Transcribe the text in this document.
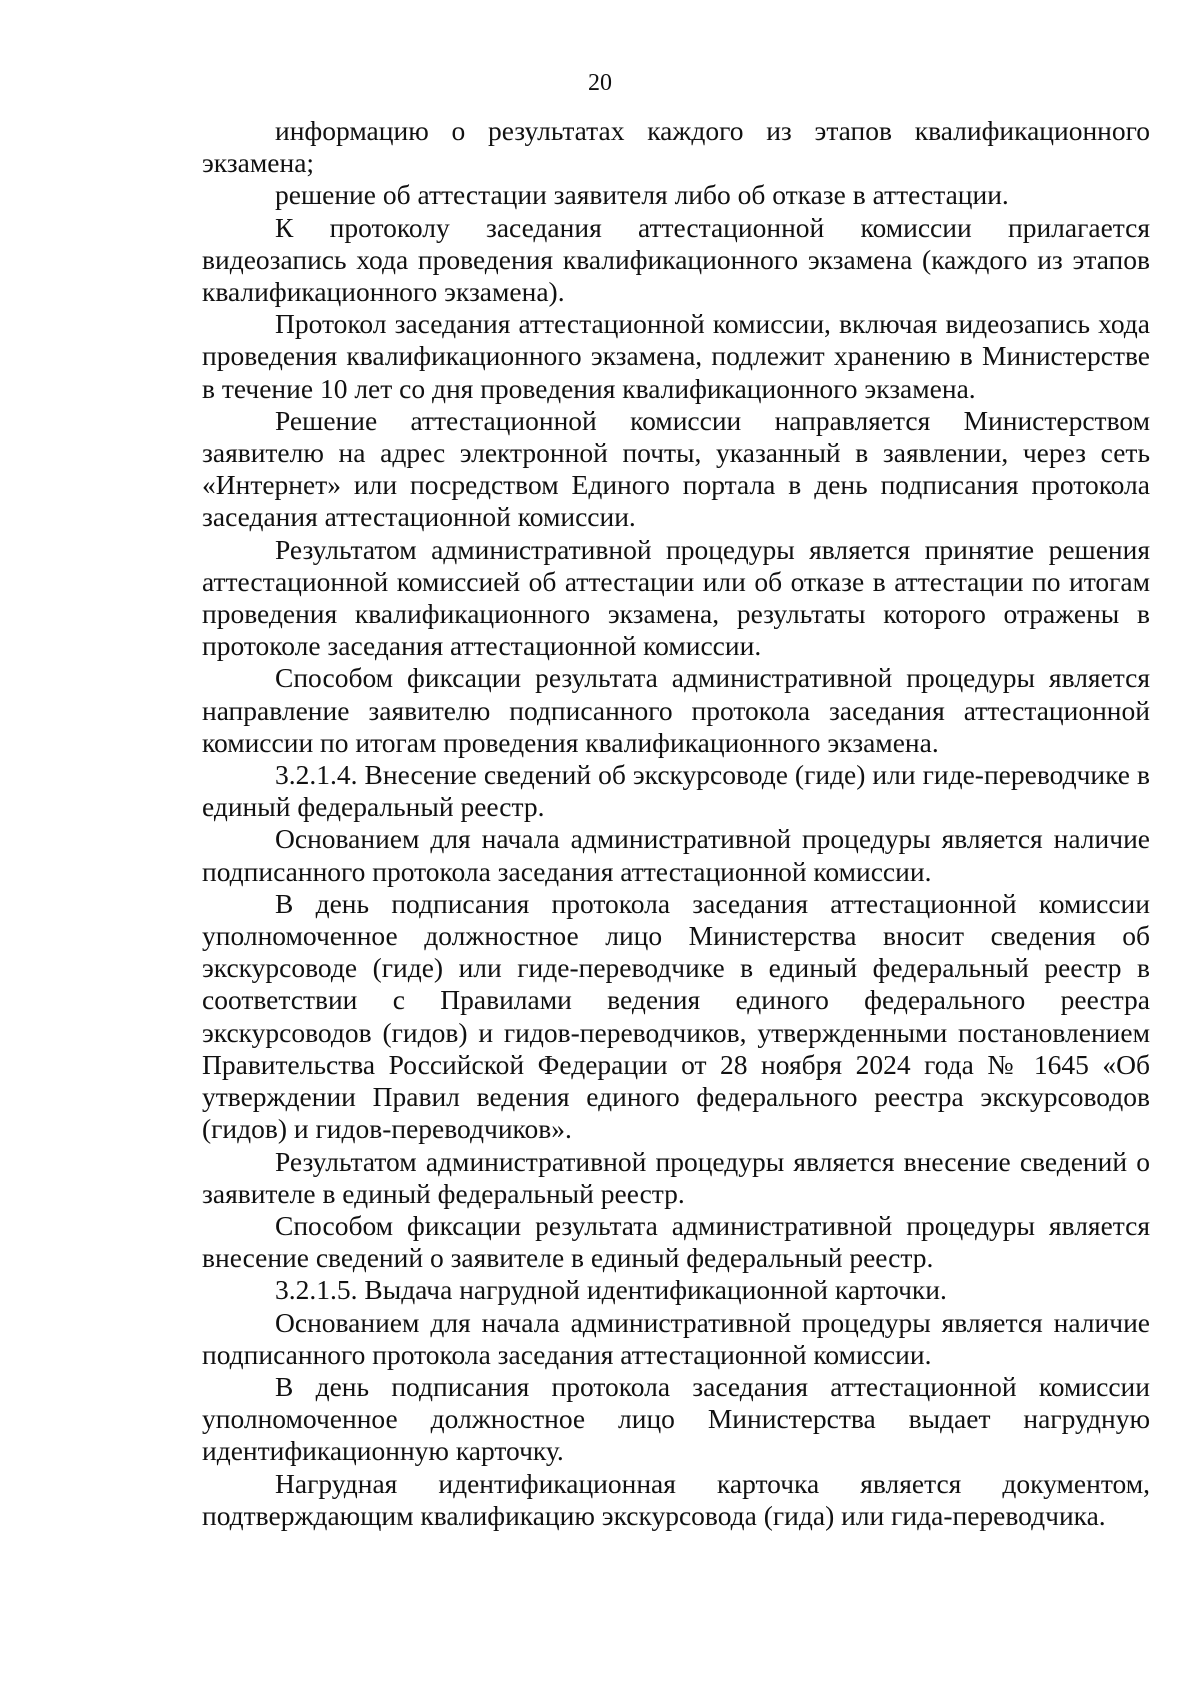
20

информацию о результатах каждого из этапов квалификационного экзамена;

решение об аттестации заявителя либо об отказе в аттестации.

К протоколу заседания аттестационной комиссии прилагается видеозапись хода проведения квалификационного экзамена (каждого из этапов квалификационного экзамена).

Протокол заседания аттестационной комиссии, включая видеозапись хода проведения квалификационного экзамена, подлежит хранению в Министерстве в течение 10 лет со дня проведения квалификационного экзамена.

Решение аттестационной комиссии направляется Министерством заявителю на адрес электронной почты, указанный в заявлении, через сеть «Интернет» или посредством Единого портала в день подписания протокола заседания аттестационной комиссии.

Результатом административной процедуры является принятие решения аттестационной комиссией об аттестации или об отказе в аттестации по итогам проведения квалификационного экзамена, результаты которого отражены в протоколе заседания аттестационной комиссии.

Способом фиксации результата административной процедуры является направление заявителю подписанного протокола заседания аттестационной комиссии по итогам проведения квалификационного экзамена.

3.2.1.4. Внесение сведений об экскурсоводе (гиде) или гиде-переводчике в единый федеральный реестр.

Основанием для начала административной процедуры является наличие подписанного протокола заседания аттестационной комиссии.

В день подписания протокола заседания аттестационной комиссии уполномоченное должностное лицо Министерства вносит сведения об экскурсоводе (гиде) или гиде-переводчике в единый федеральный реестр в соответствии с Правилами ведения единого федерального реестра экскурсоводов (гидов) и гидов-переводчиков, утвержденными постановлением Правительства Российской Федерации от 28 ноября 2024 года № 1645 «Об утверждении Правил ведения единого федерального реестра экскурсоводов (гидов) и гидов-переводчиков».

Результатом административной процедуры является внесение сведений о заявителе в единый федеральный реестр.

Способом фиксации результата административной процедуры является внесение сведений о заявителе в единый федеральный реестр.

3.2.1.5. Выдача нагрудной идентификационной карточки.

Основанием для начала административной процедуры является наличие подписанного протокола заседания аттестационной комиссии.

В день подписания протокола заседания аттестационной комиссии уполномоченное должностное лицо Министерства выдает нагрудную идентификационную карточку.

Нагрудная идентификационная карточка является документом, подтверждающим квалификацию экскурсовода (гида) или гида-переводчика.
